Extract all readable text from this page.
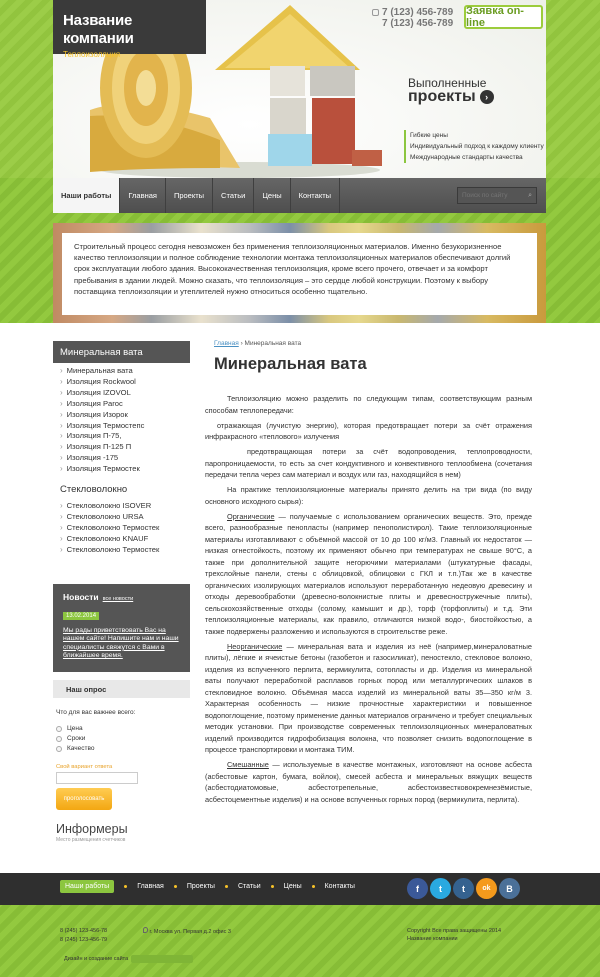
Название компании
Теплоизоляция
7 (123) 456-789
7 (123) 456-789
Заявка on-line
Выполненные
проекты	›
Гибкие цены
Индивидуальный подход к каждому клиенту
Международные стандарты качества
Наши работы	Главная	Проекты	Статьи	Цены	Контакты
Поиск по сайту	⌕
Строительный процесс сегодня невозможен без применения теплоизоляционных материалов. Именно безукоризненное качество теплоизоляции и полное соблюдение технологии монтажа теплоизоляционных материалов обеспечивают долгий срок эксплуатации любого здания. Высококачественная теплоизоляция, кроме всего прочего, отвечает и за комфорт пребывания в здании людей. Можно сказать, что теплоизоляция – это сердце любой конструкции. Поэтому к выбору поставщика теплоизоляции и утеплителей нужно относиться особенно тщательно.
Минеральная вата
› Минеральная вата
› Изоляция Rockwool
› Изоляция IZOVOL
› Изоляция Paroc
› Изоляция Изорок
› Изоляция Термостепс
› Изоляция П-75,
› Изоляция П-125 П
› Изоляция -175
› Изоляция Термостек
Стекловолокно
› Стекловолокно ISOVER
› Стекловолокно URSA
› Стекловолокно Термостек
› Стекловолокно KNAUF
› Стекловолокно Термостек
Новости все новости
13.02.2014
Мы рады приветствовать Вас на нашем сайте! Напишите нам и наши специалисты свяжутся с Вами в ближайшее время.
Наш опрос
Что для вас важнее всего:
Цена
Сроки
Качество
Свой вариант ответа
проголосовать
Информеры
Место размещения счетчиков
Главная › Минеральная вата
Минеральная вата

Теплоизоляцию можно разделить по следующим типам, соответствующим разным способам теплопередачи:

отражающая (лучистую энергию), которая предотвращает потери за счёт отражения инфракрасного «теплового» излучения

предотвращающая потери за счёт водопроводения, теплопроводности, паропроницаемости, то есть за счет кондуктивного и конвективного теплообмена (сочетания передачи тепла через сам материал и воздух или газ, находящийся в нем)

На практике теплоизоляционные материалы принято делить на три вида (по виду основного исходного сырья):

Органические — получаемые с использованием органических веществ. Это, прежде всего, разнообразные пенопласты (например пенополистирол). Такие теплоизоляционные материалы изготавливают с объёмной массой от 10 до 100 кг/м3. Главный их недостаток — низкая огнестойкость, поэтому их применяют обычно при температурах не свыше 90°C, а также при дополнительной защите негорючими материалами (штукатурные фасады, трехслойные панели, стены с облицовкой, облицовки с ГКЛ и т.п.)Так же в качестве органических изолирующих материалов используют переработанную недеовую древесину и отходы деревообработки (древесно-волокнистые плиты и древесностружечные плиты), сельскохозяйственные отходы (солому, камышит и др.), торф (торфоплиты) и т.д. Эти теплоизоляционные материалы, как правило, отличаются низкой водо-, биостойкостью, а также подвержены разложению и используются в строительстве реже.

Неорганические — минеральная вата и изделия из неё (например,минераловатные плиты), лёгкие и ячеистые бетоны (газобетон и газосиликат), пеностекло, стекловое волокно, изделия из вспученного перлита, вермикулита, сотопласты и др. Изделия из минеральной ваты получают переработкой расплавов горных пород или металлургических шлаков в стекловидное волокно. Объёмная масса изделий из минеральной ваты 35—350 кг/м 3. Характерная особенность — низкие прочностные характеристики и повышенное водопоглощение, поэтому применение данных материалов ограничено и требует специальных методик установки. При производстве современных теплоизоляционных минераловатных изделий производится гидрофобизация волокна, что позволяет снизить водопоглощение в процессе транспортировки и монтажа ТИМ.

Смешанные — используемые в качестве монтажных, изготовляют на основе асбеста (асбестовые картон, бумага, войлок), смесей асбеста и минеральных вяжущих веществ (асбестодиатомовые, асбестотрепельные, асбестоизвестковокремнезёмистые, асбестоцементные изделия) и на основе вспученных горных пород (вермикулита, перлита).

Наши работы	Главная	Проекты	Статьи	Цены	Контакты	f	t	t	ok	B
8 (245) 123-456-78
8 (245) 123-456-79
г. Москва ул. Первая д.2 офис 3	Copyright Все права защищены 2014
Название компании
Дизайн и создание сайта
